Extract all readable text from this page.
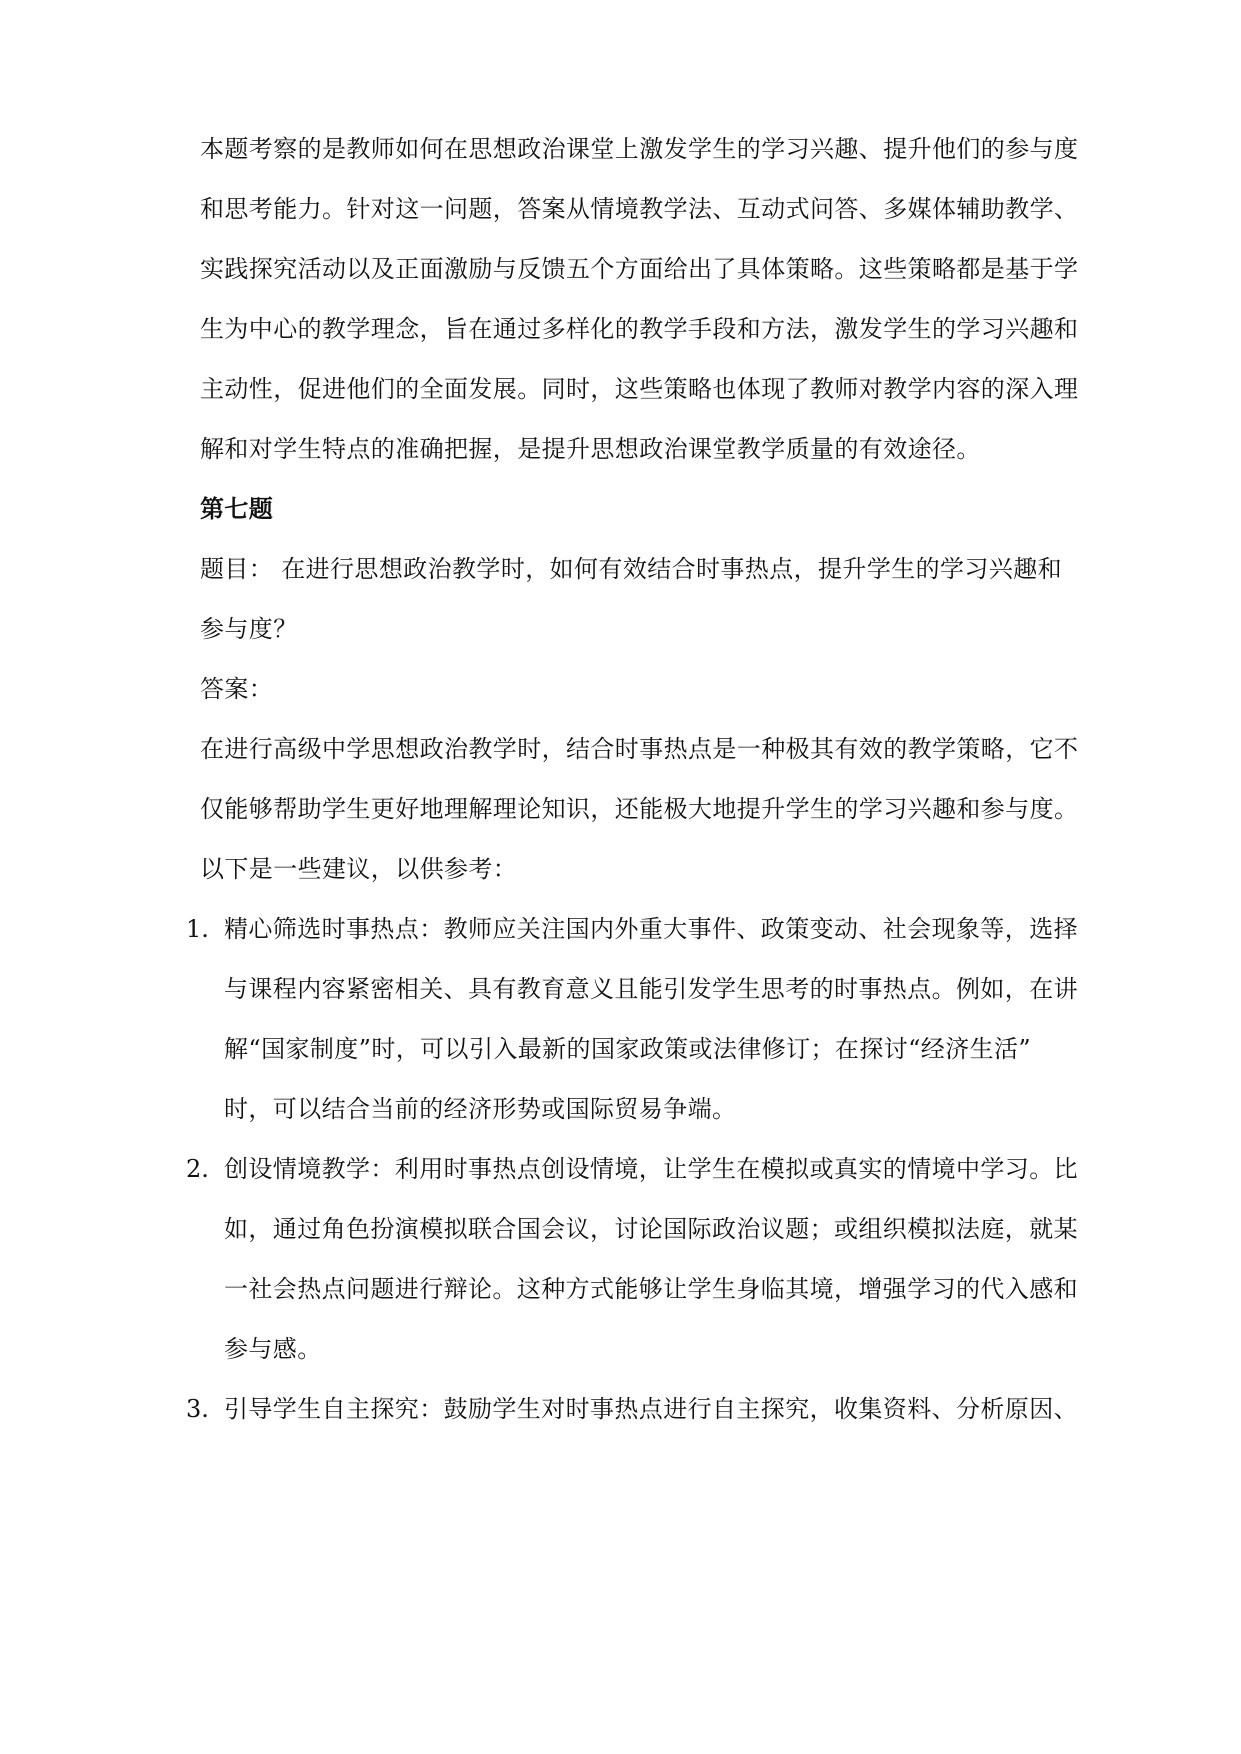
本题考察的是教师如何在思想政治课堂上激发学生的学习兴趣、提升他们的参与度
和思考能力。针对这一问题，答案从情境教学法、互动式问答、多媒体辅助教学、
实践探究活动以及正面激励与反馈五个方面给出了具体策略。这些策略都是基于学
生为中心的教学理念，旨在通过多样化的教学手段和方法，激发学生的学习兴趣和
主动性，促进他们的全面发展。同时，这些策略也体现了教师对教学内容的深入理
解和对学生特点的准确把握，是提升思想政治课堂教学质量的有效途径。
第七题
题目： 在进行思想政治教学时，如何有效结合时事热点，提升学生的学习兴趣和
参与度？
答案：
在进行高级中学思想政治教学时，结合时事热点是一种极其有效的教学策略，它不
仅能够帮助学生更好地理解理论知识，还能极大地提升学生的学习兴趣和参与度。
以下是一些建议，以供参考：
1. 精心筛选时事热点：教师应关注国内外重大事件、政策变动、社会现象等，选择
与课程内容紧密相关、具有教育意义且能引发学生思考的时事热点。例如，在讲
解“国家制度”时，可以引入最新的国家政策或法律修订；在探讨“经济生活”
时，可以结合当前的经济形势或国际贸易争端。
2. 创设情境教学：利用时事热点创设情境，让学生在模拟或真实的情境中学习。比
如，通过角色扮演模拟联合国会议，讨论国际政治议题；或组织模拟法庭，就某
一社会热点问题进行辩论。这种方式能够让学生身临其境，增强学习的代入感和
参与感。
3. 引导学生自主探究：鼓励学生对时事热点进行自主探究，收集资料、分析原因、
